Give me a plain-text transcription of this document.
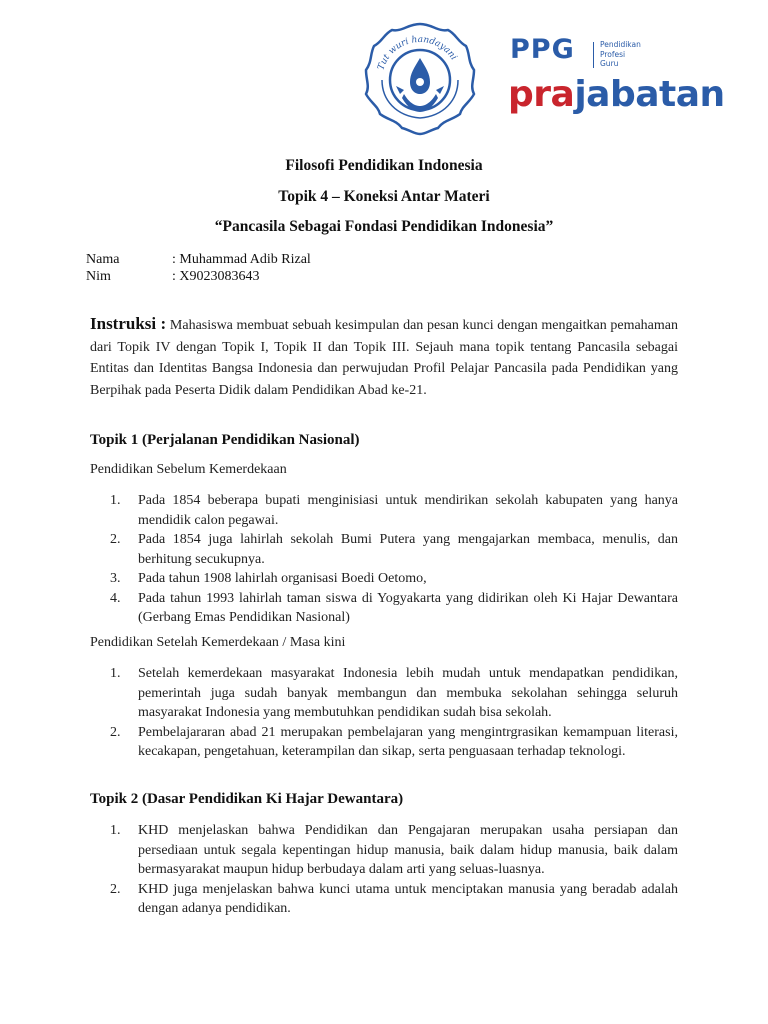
Tut wuri handayani PPG	Pendidikan
Profesi
Guru
prajabatan
Filosofi Pendidikan Indonesia
Topik 4 – Koneksi Antar Materi
“Pancasila Sebagai Fondasi Pendidikan Indonesia”
Nama	: Muhammad Adib Rizal
Nim	: X9023083643
Instruksi : Mahasiswa membuat sebuah kesimpulan dan pesan kunci dengan mengaitkan pemahaman dari Topik IV dengan Topik I, Topik II dan Topik III. Sejauh mana topik tentang Pancasila sebagai Entitas dan Identitas Bangsa Indonesia dan perwujudan Profil Pelajar Pancasila pada Pendidikan yang Berpihak pada Peserta Didik dalam Pendidikan Abad ke-21.
Topik 1 (Perjalanan Pendidikan Nasional)
Pendidikan Sebelum Kemerdekaan
1. Pada 1854 beberapa bupati menginisiasi untuk mendirikan sekolah kabupaten yang hanya mendidik calon pegawai.
2. Pada 1854 juga lahirlah sekolah Bumi Putera yang mengajarkan membaca, menulis, dan berhitung secukupnya.
3. Pada tahun 1908 lahirlah organisasi Boedi Oetomo,
4. Pada tahun 1993 lahirlah taman siswa di Yogyakarta yang didirikan oleh Ki Hajar Dewantara (Gerbang Emas Pendidikan Nasional)
Pendidikan Setelah Kemerdekaan / Masa kini
1. Setelah kemerdekaan masyarakat Indonesia lebih mudah untuk mendapatkan pendidikan, pemerintah juga sudah banyak membangun dan membuka sekolahan sehingga seluruh masyarakat Indonesia yang membutuhkan pendidikan sudah bisa sekolah.
2. Pembelajararan abad 21 merupakan pembelajaran yang mengintrgrasikan kemampuan literasi, kecakapan, pengetahuan, keterampilan dan sikap, serta penguasaan terhadap teknologi.
Topik 2 (Dasar Pendidikan Ki Hajar Dewantara)
1. KHD menjelaskan bahwa Pendidikan dan Pengajaran merupakan usaha persiapan dan persediaan untuk segala kepentingan hidup manusia, baik dalam hidup manusia, baik dalam bermasyarakat maupun hidup berbudaya dalam arti yang seluas-luasnya.
2. KHD juga menjelaskan bahwa kunci utama untuk menciptakan manusia yang beradab adalah dengan adanya pendidikan.
